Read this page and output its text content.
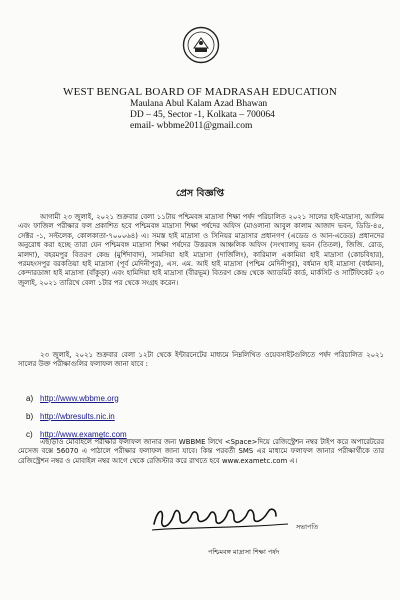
WEST BENGAL BOARD OF MADRASAH EDUCATION
Maulana Abul Kalam Azad Bhawan
DD – 45, Sector -1, Kolkata – 700064
email- wbbme2011@gmail.com
প্রেস বিজ্ঞপ্তি
আগামী ২৩ জুলাই, ২০২১ শুক্রবার বেলা ১১টায় পশ্চিমবঙ্গ মাদ্রাসা শিক্ষা পর্ষদ পরিচালিত ২০২১ সালের হাই-মাদ্রাসা, আলিম এবং ফাজিল পরীক্ষার ফল প্রকাশিত হবে পশ্চিমবঙ্গ মাদ্রাসা শিক্ষা পর্ষদের অফিস (মাওলানা আবুল কালাম আজাদ ভবন, ডিডি-৪৫, সেক্টর -১, সল্টলেক, কোলকাতা-৭০০০৬৪) এ। সমস্ত হাই মাদ্রাসা ও সিনিয়র মাদ্রাসার প্রধানগণ (এডেড ও আন-এডেড) প্রধানদের অনুরোধ করা হচ্ছে তারা যেন পশ্চিমবঙ্গ মাদ্রাসা শিক্ষা পর্ষদের উত্তরবঙ্গ আঞ্চলিক অফিস (সংখ্যালঘু ভবন (তিতল), জিজি. রোড, মালদা), বহরমপুর বিতরণ কেন্দ্র (মুর্শিদাবাদ), সামসিয়া হাই মাদ্রাসা (দার্জিলিং), কারিমাল একামিয়া হাই মাদ্রাসা (কোচবিহার), পরমহংসপুর বরকতিয়া হাই মাদ্রাসা (পূর্ব মেদিনীপুর), এস. এম. আই হাই মাদ্রাসা (পশ্চিম মেদিনীপুর), বর্ধমান হাই মাদ্রাসা (বর্ধমান), কেন্দারডাঙ্গা হাই মাদ্রাসা (বাঁকুড়া) এবং হামিদিয়া হাই মাদ্রাসা (বীরভূম) বিতরণ কেন্দ্র থেকে অ্যাডমিট কার্ড, মার্কসিট ও সার্টিফিকেট ২৩ জুলাই, ২০২১ তারিখে বেলা ১টার পর থেকে সংগ্রহ করেন।
২৩ জুলাই, ২০২১ শুক্রবার বেলা ১২টা থেকে ইন্টারনেটের মাধ্যমে নিম্নলিখিত ওয়েবসাইটগুলিতে পর্ষদ পরিচালিত ২০২১ সালের উক্ত পরীক্ষাগুলির ফলাফল জানা যাবে :
a) http://www.wbbme.org
b) http://wbresults.nic.in
c) http://www.exametc.com
এছাড়াও মোবাইলে পরীক্ষার ফলাফল জানার জন্য WBBME লিখে <Space>দিয়ে রেজিস্ট্রেশন নম্বর টাইপ করে অপারেটরের মেসেজ বক্সে 56070 এ পাঠালে পরীক্ষার ফলাফল জানা যাবে। কিন্ত পরবর্তী SMS এর মাধ্যমে ফলাফল জানার পরীক্ষার্থীকে তার রেজিস্ট্রেশন নম্বর ও মোবাইল নম্বর আগে থেকে রেজিস্টার করে রাখতে হবে www.exametc.com এ।
সভাপতি
পশ্চিমবঙ্গ মাদ্রাসা শিক্ষা পর্ষদ
